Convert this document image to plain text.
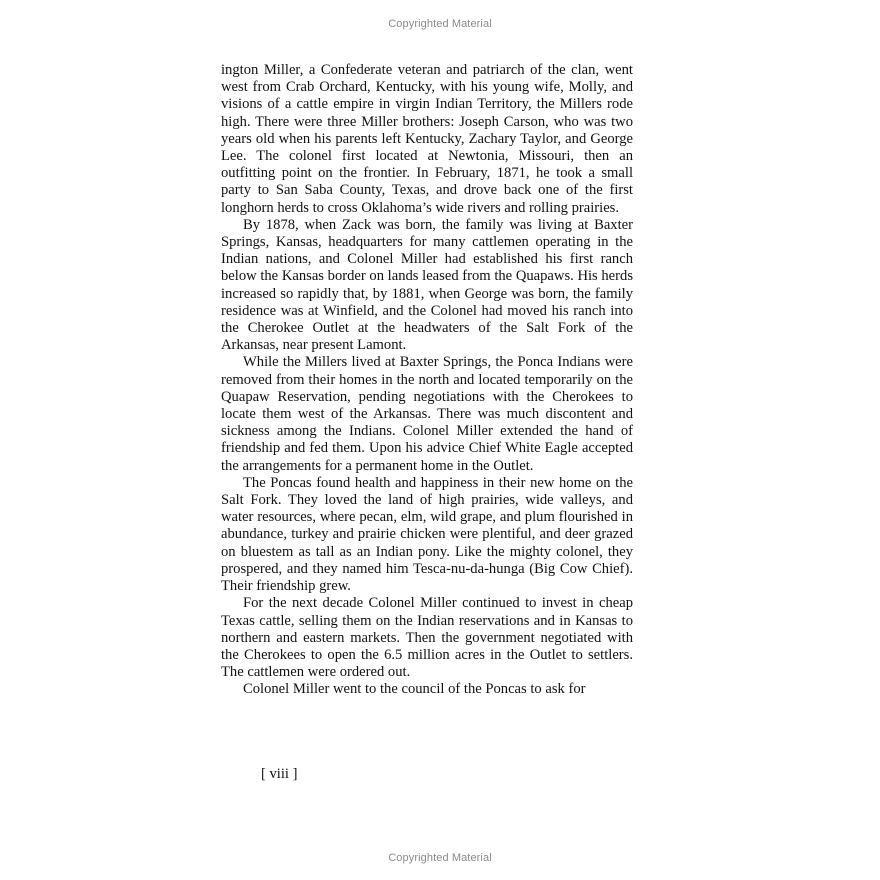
Copyrighted Material

ington Miller, a Confederate veteran and patriarch of the clan, went west from Crab Orchard, Kentucky, with his young wife, Molly, and visions of a cattle empire in virgin Indian Territory, the Millers rode high. There were three Miller brothers: Joseph Carson, who was two years old when his parents left Kentucky, Zachary Taylor, and George Lee. The colonel first located at Newtonia, Missouri, then an outfitting point on the frontier. In February, 1871, he took a small party to San Saba County, Texas, and drove back one of the first longhorn herds to cross Oklahoma’s wide rivers and rolling prairies.

By 1878, when Zack was born, the family was living at Baxter Springs, Kansas, headquarters for many cattlemen operating in the Indian nations, and Colonel Miller had established his first ranch below the Kansas border on lands leased from the Quapaws. His herds increased so rapidly that, by 1881, when George was born, the family residence was at Winfield, and the Colonel had moved his ranch into the Cherokee Outlet at the headwaters of the Salt Fork of the Arkansas, near present Lamont.

While the Millers lived at Baxter Springs, the Ponca Indians were removed from their homes in the north and located temporarily on the Quapaw Reservation, pending negotiations with the Cherokees to locate them west of the Arkansas. There was much discontent and sickness among the Indians. Colonel Miller extended the hand of friendship and fed them. Upon his advice Chief White Eagle accepted the arrangements for a permanent home in the Outlet.

The Poncas found health and happiness in their new home on the Salt Fork. They loved the land of high prairies, wide valleys, and water resources, where pecan, elm, wild grape, and plum flourished in abundance, turkey and prairie chicken were plentiful, and deer grazed on bluestem as tall as an Indian pony. Like the mighty colonel, they prospered, and they named him Tesca-nu-da-hunga (Big Cow Chief). Their friendship grew.

For the next decade Colonel Miller continued to invest in cheap Texas cattle, selling them on the Indian reservations and in Kansas to northern and eastern markets. Then the government negotiated with the Cherokees to open the 6.5 million acres in the Outlet to settlers. The cattlemen were ordered out.

Colonel Miller went to the council of the Poncas to ask for

[ viii ]
Copyrighted Material
